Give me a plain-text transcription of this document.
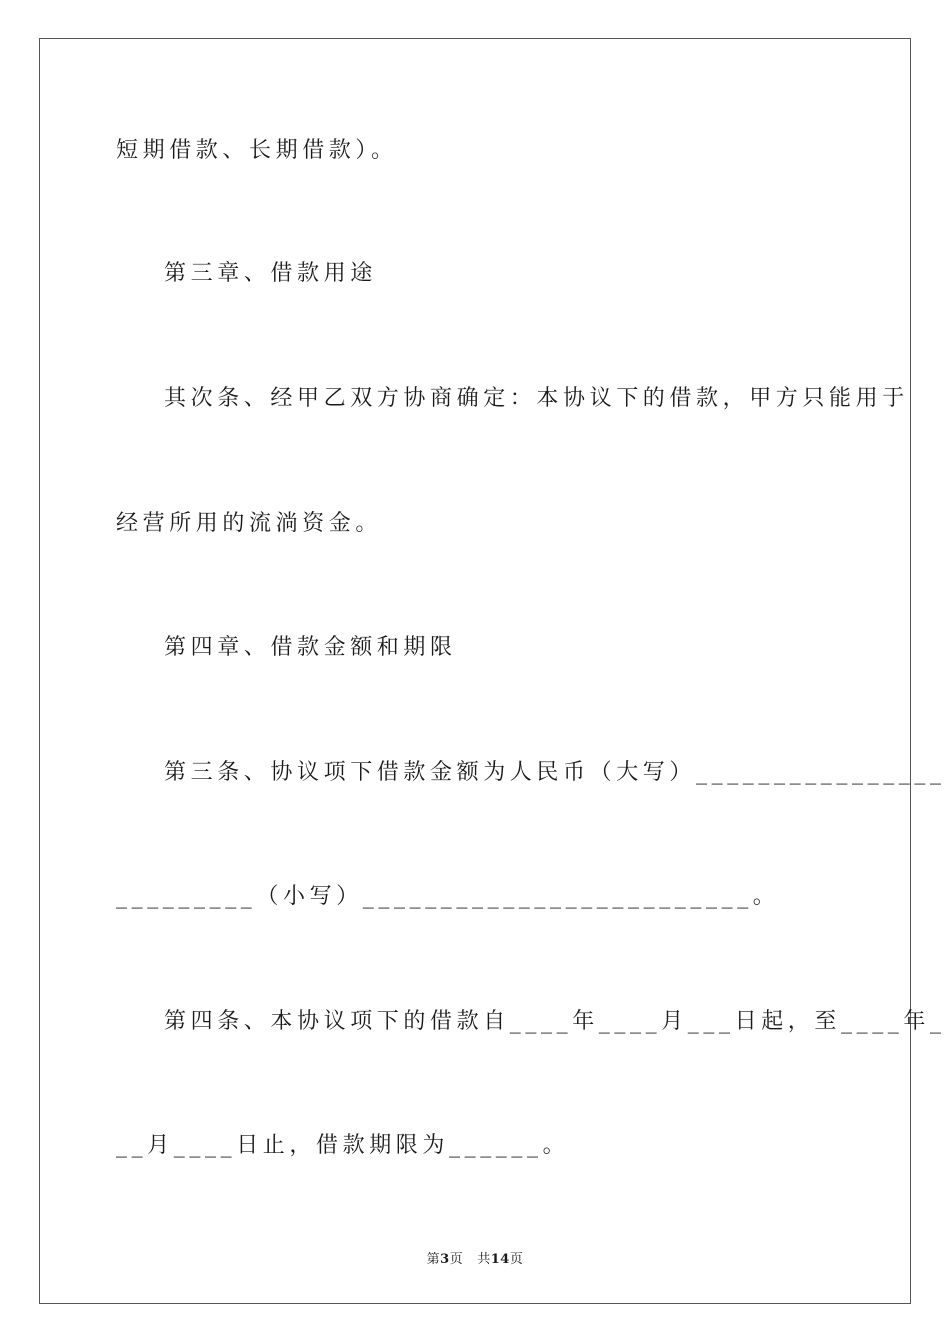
短期借款、长期借款）。
第三章、借款用途
其次条、经甲乙双方协商确定：本协议下的借款，甲方只能用于
经营所用的流淌资金。
第四章、借款金额和期限
第三条、协议项下借款金额为人民币（大写）________________
_________（小写）_________________________。
第四条、本协议项下的借款自____年____月___日起，至____年_
__月____日止，借款期限为______。
第3页 共14页
